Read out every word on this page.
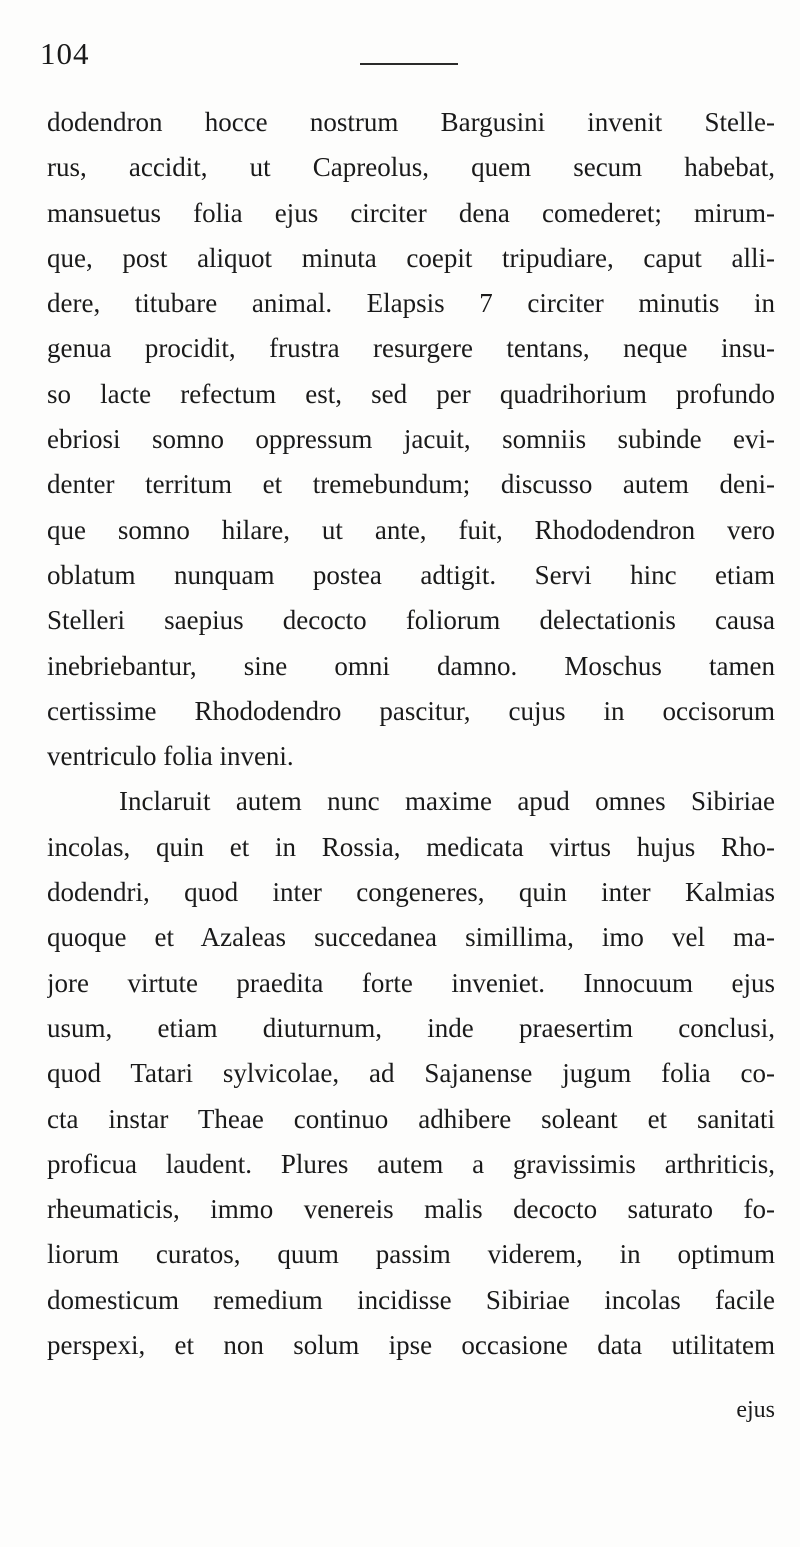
104
dodendron hocce nostrum Bargusini invenit Stelle-
rus, accidit, ut Capreolus, quem secum habebat,
mansuetus folia ejus circiter dena comederet; mirum-
que, post aliquot minuta coepit tripudiare, caput alli-
dere, titubare animal. Elapsis 7 circiter minutis in
genua procidit, frustra resurgere tentans, neque insu-
so lacte refectum est, sed per quadrihorium profundo
ebriosi somno oppressum jacuit, somniis subinde evi-
denter territum et tremebundum; discusso autem deni-
que somno hilare, ut ante, fuit, Rhododendron vero
oblatum nunquam postea adtigit. Servi hinc etiam
Stelleri saepius decocto foliorum delectationis causa
inebriebantur, sine omni damno. Moschus tamen
certissime Rhododendro pascitur, cujus in occisorum
ventriculo folia inveni.
Inclaruit autem nunc maxime apud omnes Sibiriae
incolas, quin et in Rossia, medicata virtus hujus Rho-
dodendri, quod inter congeneres, quin inter Kalmias
quoque et Azaleas succedanea simillima, imo vel ma-
jore virtute praedita forte inveniet. Innocuum ejus
usum, etiam diuturnum, inde praesertim conclusi,
quod Tatari sylvicolae, ad Sajanense jugum folia co-
cta instar Theae continuo adhibere soleant et sanitati
proficua laudent. Plures autem a gravissimis arthriticis,
rheumaticis, immo venereis malis decocto saturato fo-
liorum curatos, quum passim viderem, in optimum
domesticum remedium incidisse Sibiriae incolas facile
perspexi, et non solum ipse occasione data utilitatem
ejus
